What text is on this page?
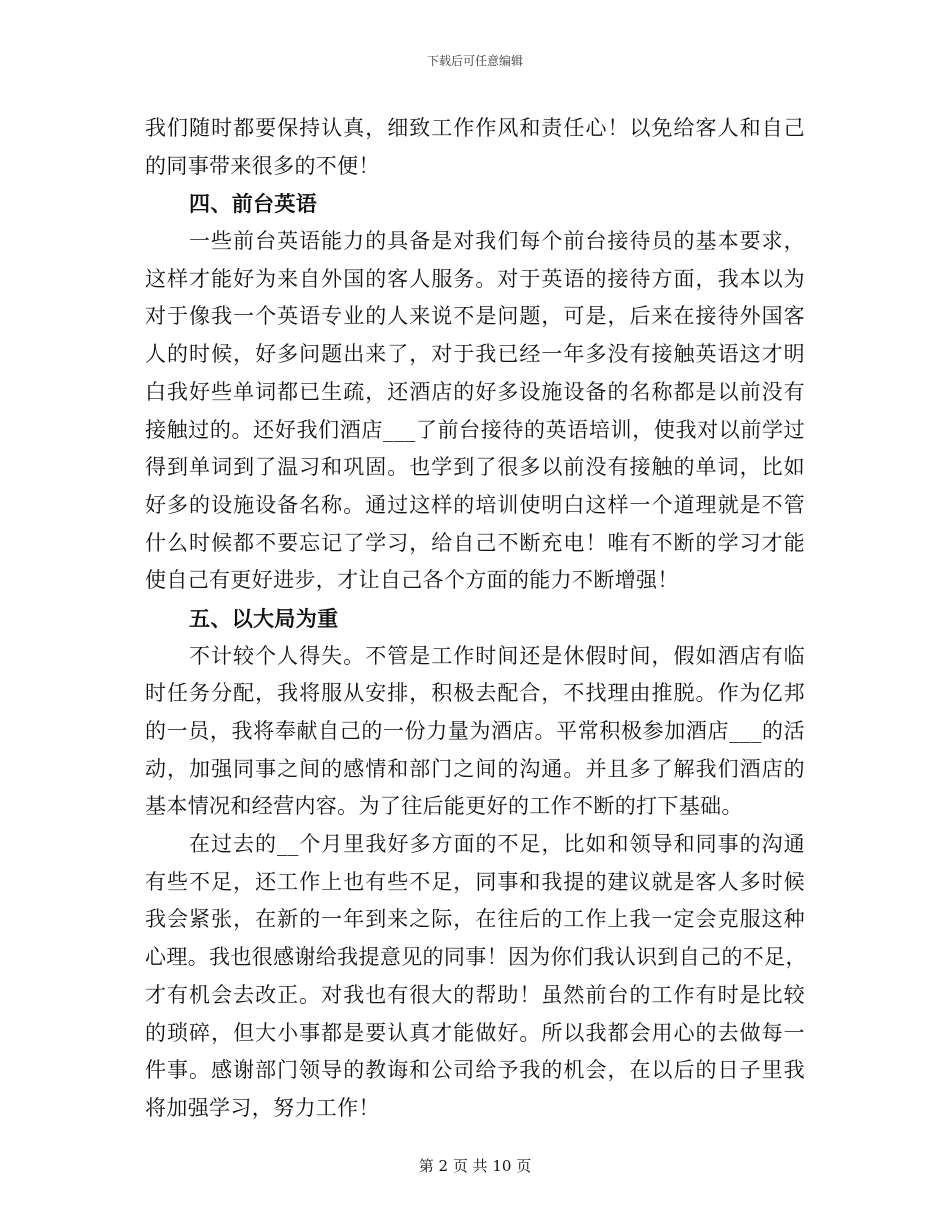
下载后可任意编辑
我们随时都要保持认真，细致工作作风和责任心！以免给客人和自己
的同事带来很多的不便！
四、前台英语
一些前台英语能力的具备是对我们每个前台接待员的基本要求，
这样才能好为来自外国的客人服务。对于英语的接待方面，我本以为
对于像我一个英语专业的人来说不是问题，可是，后来在接待外国客
人的时候，好多问题出来了，对于我已经一年多没有接触英语这才明
白我好些单词都已生疏，还酒店的好多设施设备的名称都是以前没有
接触过的。还好我们酒店___了前台接待的英语培训，使我对以前学过
得到单词到了温习和巩固。也学到了很多以前没有接触的单词，比如
好多的设施设备名称。通过这样的培训使明白这样一个道理就是不管
什么时候都不要忘记了学习，给自己不断充电！唯有不断的学习才能
使自己有更好进步，才让自己各个方面的能力不断增强！
五、以大局为重
不计较个人得失。不管是工作时间还是休假时间，假如酒店有临
时任务分配，我将服从安排，积极去配合，不找理由推脱。作为亿邦
的一员，我将奉献自己的一份力量为酒店。平常积极参加酒店___的活
动，加强同事之间的感情和部门之间的沟通。并且多了解我们酒店的
基本情况和经营内容。为了往后能更好的工作不断的打下基础。
在过去的__个月里我好多方面的不足，比如和领导和同事的沟通
有些不足，还工作上也有些不足，同事和我提的建议就是客人多时候
我会紧张，在新的一年到来之际，在往后的工作上我一定会克服这种
心理。我也很感谢给我提意见的同事！因为你们我认识到自己的不足，
才有机会去改正。对我也有很大的帮助！虽然前台的工作有时是比较
的琐碎，但大小事都是要认真才能做好。所以我都会用心的去做每一
件事。感谢部门领导的教诲和公司给予我的机会，在以后的日子里我
将加强学习，努力工作！
第 2 页 共 10 页
